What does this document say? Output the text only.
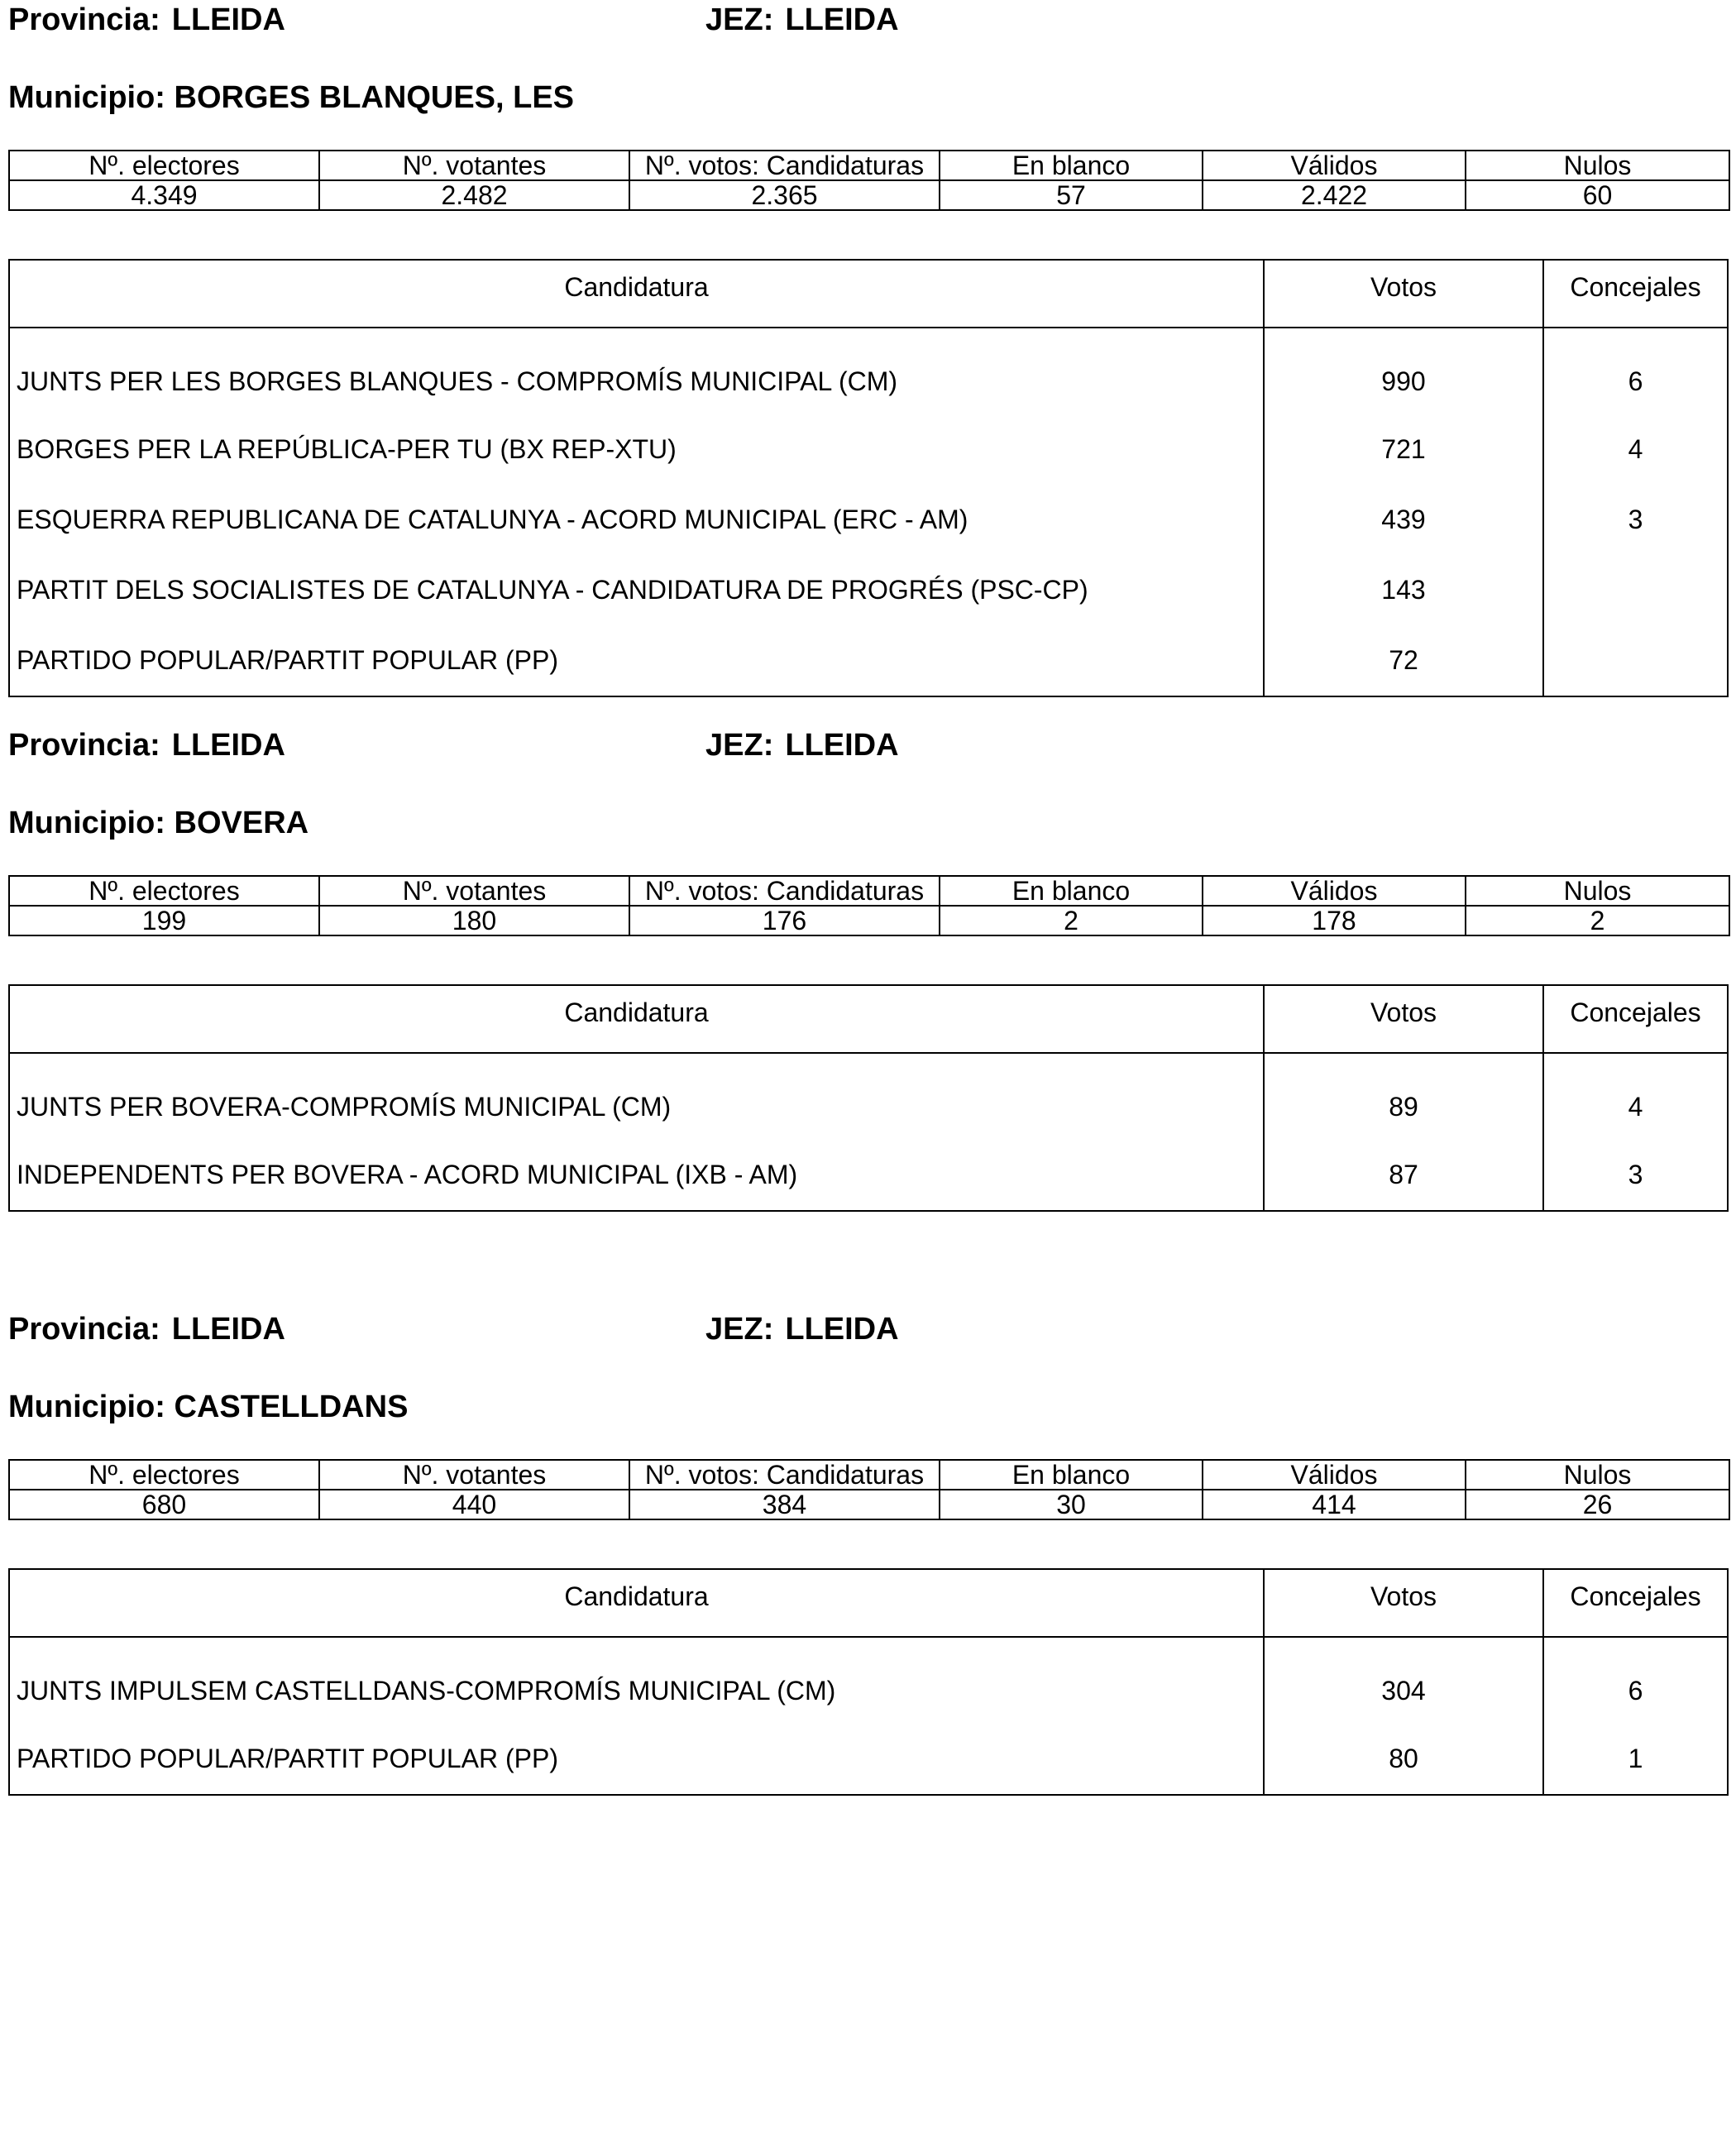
Provincia: LLEIDA	JEZ: LLEIDA
Municipio: BORGES BLANQUES, LES
Nº. electores	Nº. votantes	Nº. votos: Candidaturas	En blanco	Válidos	Nulos
4.349	2.482	2.365	57	2.422	60
Candidatura	Votos	Concejales
JUNTS PER LES BORGES BLANQUES - COMPROMÍS MUNICIPAL (CM)	990	6
BORGES PER LA REPÚBLICA-PER TU (BX REP-XTU)	721	4
ESQUERRA REPUBLICANA DE CATALUNYA - ACORD MUNICIPAL (ERC - AM)	439	3
PARTIT DELS SOCIALISTES DE CATALUNYA - CANDIDATURA DE PROGRÉS (PSC-CP)	143
PARTIDO POPULAR/PARTIT POPULAR (PP)	72
Provincia: LLEIDA	JEZ: LLEIDA
Municipio: BOVERA
Nº. electores	Nº. votantes	Nº. votos: Candidaturas	En blanco	Válidos	Nulos
199	180	176	2	178	2
Candidatura	Votos	Concejales
JUNTS PER BOVERA-COMPROMÍS MUNICIPAL (CM)	89	4
INDEPENDENTS PER BOVERA - ACORD MUNICIPAL (IXB - AM)	87	3
Provincia: LLEIDA	JEZ: LLEIDA
Municipio: CASTELLDANS
Nº. electores	Nº. votantes	Nº. votos: Candidaturas	En blanco	Válidos	Nulos
680	440	384	30	414	26
Candidatura	Votos	Concejales
JUNTS IMPULSEM CASTELLDANS-COMPROMÍS MUNICIPAL (CM)	304	6
PARTIDO POPULAR/PARTIT POPULAR (PP)	80	1
